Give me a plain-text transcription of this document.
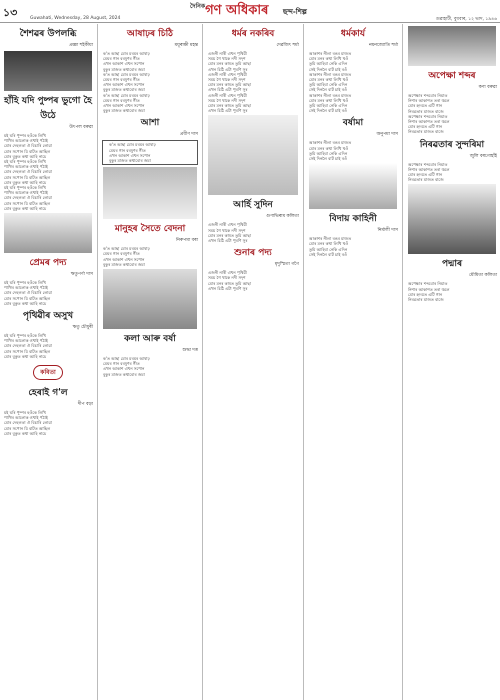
১৩	Guwahati, Wednesday, 28 August, 2024
$^{দৈনিক}$গণ অধিকাৰ ছন্দ-শিল্প
গুৱাহাটী, বুধবাৰ, ১২ ভাদ, ১৯৪৬
শৈশৱৰ উপলব্ধি
প্ৰজ্ঞা শইকীয়া
হাঁহি যদি পুষ্পৰ ভুগো হৈ উঠে
উৎপল বৰুৱা
মই ঘৰি পুষ্পৰ হওঁকে লিখি
পাখিৰ আলোক ওখাই পঠাই
মোৰ দেহলতা ঐ বিচাৰি লোৱা
মোৰ সপোন যি বাটত আছিল
মোৰ বুকুত কথা আহি নাচে
মই ঘৰি পুষ্পৰ হওঁকে লিখি
পাখিৰ আলোক ওখাই পঠাই
মোৰ দেহলতা ঐ বিচাৰি লোৱা
মোৰ সপোন যি বাটত আছিল
মোৰ বুকুত কথা আহি নাচে
মই ঘৰি পুষ্পৰ হওঁকে লিখি
পাখিৰ আলোক ওখাই পঠাই
মোৰ দেহলতা ঐ বিচাৰি লোৱা
মোৰ সপোন যি বাটত আছিল
মোৰ বুকুত কথা আহি নাচে
প্ৰেমৰ পদ্য
ঋতুপর্ণা দাস
মই ঘৰি পুষ্পৰ হওঁকে লিখি
পাখিৰ আলোক ওখাই পঠাই
মোৰ দেহলতা ঐ বিচাৰি লোৱা
মোৰ সপোন যি বাটত আছিল
মোৰ বুকুত কথা আহি নাচে
পৃথিৱীৰ অসুখ
ঋতু চৌধুৰী
মই ঘৰি পুষ্পৰ হওঁকে লিখি
পাখিৰ আলোক ওখাই পঠাই
মোৰ দেহলতা ঐ বিচাৰি লোৱা
মোৰ সপোন যি বাটত আছিল
মোৰ বুকুত কথা আহি নাচে
কবিতা
হেৰাই গ'ল
দীপ বড়া
মই ঘৰি পুষ্পৰ হওঁকে লিখি
পাখিৰ আলোক ওখাই পঠাই
মোৰ দেহলতা ঐ বিচাৰি লোৱা
মোৰ সপোন যি বাটত আছিল
মোৰ বুকুত কথা আহি নাচে
আষাঢ়ৰ চিঠি
ময়ূৰাক্ষী মহন্ত
ক'ত আছা মোৰ মৰমৰ আষাঢ়
মেঘৰ গান বৰষুণৰ গীত
এখন আকাশ এখন সপোন
বুকুৰ মাজত কথাবোৰ জমা
ক'ত আছা মোৰ মৰমৰ আষাঢ়
মেঘৰ গান বৰষুণৰ গীত
এখন আকাশ এখন সপোন
বুকুৰ মাজত কথাবোৰ জমা
ক'ত আছা মোৰ মৰমৰ আষাঢ়
মেঘৰ গান বৰষুণৰ গীত
এখন আকাশ এখন সপোন
বুকুৰ মাজত কথাবোৰ জমা
আশা
প্ৰবীণ দাস
ক'ত আছা মোৰ মৰমৰ আষাঢ়
মেঘৰ গান বৰষুণৰ গীত
এখন আকাশ এখন সপোন
বুকুৰ মাজত কথাবোৰ জমা
মানুহৰ সৈতে বেদনা
নিৰুপমা বৰা
ক'ত আছা মোৰ মৰমৰ আষাঢ়
মেঘৰ গান বৰষুণৰ গীত
এখন আকাশ এখন সপোন
বুকুৰ মাজত কথাবোৰ জমা
কলা আৰু বৰ্ষা
শুদ্ধা দত্ত
ক'ত আছা মোৰ মৰমৰ আষাঢ়
মেঘৰ গান বৰষুণৰ গীত
এখন আকাশ এখন সপোন
বুকুৰ মাজত কথাবোৰ জমা
ধৰ্মৰ নকৰিব
দেৱজিৎ শৰ্মা
এজনী নাৰী এখন পৃথিৱী
সময় গৈ থাকে নদী সদৃশ
মোৰ মনৰ কাষত তুমি আছা
এখন চিঠি এটা পুৰণি সুৰ
এজনী নাৰী এখন পৃথিৱী
সময় গৈ থাকে নদী সদৃশ
মোৰ মনৰ কাষত তুমি আছা
এখন চিঠি এটা পুৰণি সুৰ
এজনী নাৰী এখন পৃথিৱী
সময় গৈ থাকে নদী সদৃশ
মোৰ মনৰ কাষত তুমি আছা
এখন চিঠি এটা পুৰণি সুৰ
আৰ্হি সুদিন
গুণাভিৰাম কলিতা
এজনী নাৰী এখন পৃথিৱী
সময় গৈ থাকে নদী সদৃশ
মোৰ মনৰ কাষত তুমি আছা
এখন চিঠি এটা পুৰণি সুৰ
শুনাৰ পদ্য
মৃদুস্মিতা গগৈ
এজনী নাৰী এখন পৃথিৱী
সময় গৈ থাকে নদী সদৃশ
মোৰ মনৰ কাষত তুমি আছা
এখন চিঠি এটা পুৰণি সুৰ
ধৰ্মকাৰ্য
নয়নজ্যোতি শৰ্মা
আকাশৰ নীলা ৰঙৰ মাজত
মোৰ মনৰ কথা লিখি থওঁ
তুমি আহিবা নেকি এদিন
সেই দিনলৈ বাট চাই ৰওঁ
আকাশৰ নীলা ৰঙৰ মাজত
মোৰ মনৰ কথা লিখি থওঁ
তুমি আহিবা নেকি এদিন
সেই দিনলৈ বাট চাই ৰওঁ
আকাশৰ নীলা ৰঙৰ মাজত
মোৰ মনৰ কথা লিখি থওঁ
তুমি আহিবা নেকি এদিন
সেই দিনলৈ বাট চাই ৰওঁ
বৰ্ষামা
অনুপমা দাস
আকাশৰ নীলা ৰঙৰ মাজত
মোৰ মনৰ কথা লিখি থওঁ
তুমি আহিবা নেকি এদিন
সেই দিনলৈ বাট চাই ৰওঁ
বিদায় কাহিনী
নিৰ্মালী দাস
আকাশৰ নীলা ৰঙৰ মাজত
মোৰ মনৰ কথা লিখি থওঁ
তুমি আহিবা নেকি এদিন
সেই দিনলৈ বাট চাই ৰওঁ
অপেক্ষা শব্দৰ
কণা বৰুৱা
অপেক্ষাৰ শব্দবোৰ নিমাত
নিশাৰ আকাশত তৰা জ্বলে
মোৰ হৃদয়ত এটি গান
নিৰৱতাৰ মাজত বাজে
অপেক্ষাৰ শব্দবোৰ নিমাত
নিশাৰ আকাশত তৰা জ্বলে
মোৰ হৃদয়ত এটি গান
নিৰৱতাৰ মাজত বাজে
নিৰৱতাৰ সুন্দৰিমা
জুলি বৰগোহাঁই
অপেক্ষাৰ শব্দবোৰ নিমাত
নিশাৰ আকাশত তৰা জ্বলে
মোৰ হৃদয়ত এটি গান
নিৰৱতাৰ মাজত বাজে
পদ্মাৰ
মৌমিতা কলিতা
অপেক্ষাৰ শব্দবোৰ নিমাত
নিশাৰ আকাশত তৰা জ্বলে
মোৰ হৃদয়ত এটি গান
নিৰৱতাৰ মাজত বাজে
